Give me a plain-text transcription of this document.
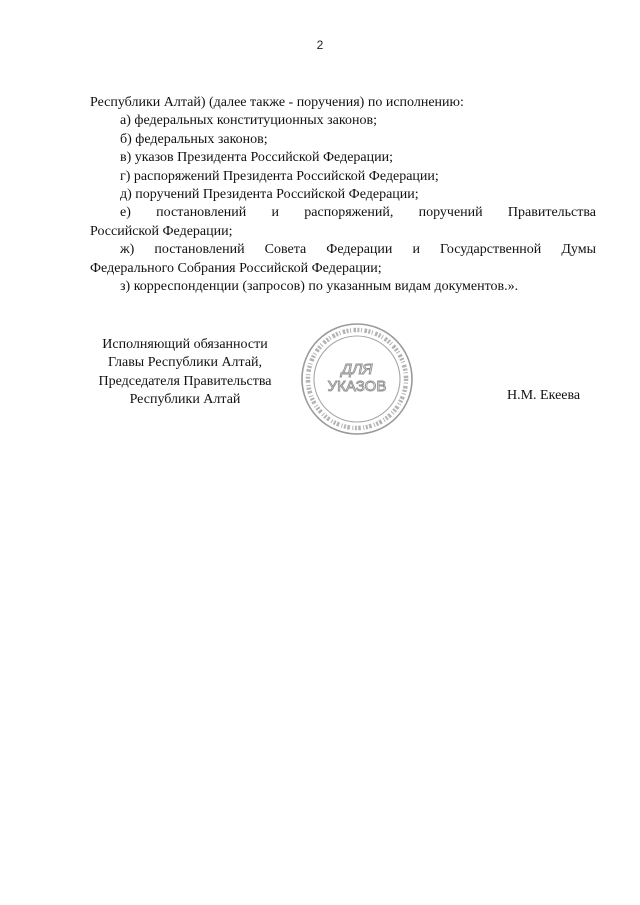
2
Республики Алтай) (далее также - поручения) по исполнению:
а) федеральных конституционных законов;
б) федеральных законов;
в) указов Президента Российской Федерации;
г) распоряжений Президента Российской Федерации;
д) поручений Президента Российской Федерации;
е) постановлений и распоряжений, поручений Правительства
Российской Федерации;
ж) постановлений Совета Федерации и Государственной Думы
Федерального Собрания Российской Федерации;
з) корреспонденции (запросов) по указанным видам документов.».
Исполняющий обязанности
Главы Республики Алтай,
Председателя Правительства
Республики Алтай
ДЛЯ
УКАЗОВ
Н.М. Екеева
